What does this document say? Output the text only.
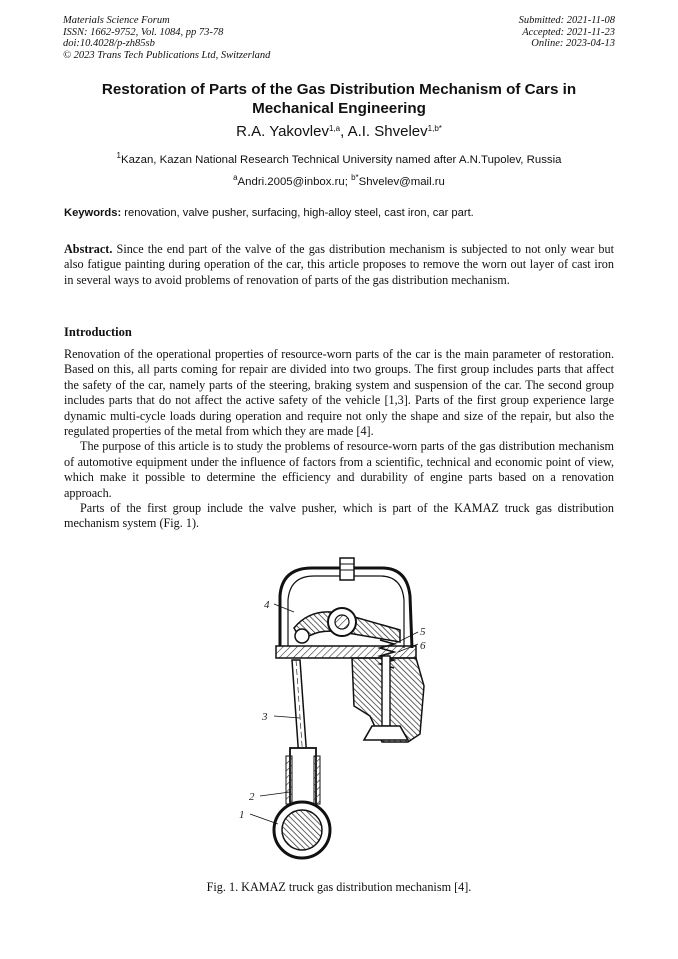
Materials Science Forum
ISSN: 1662-9752, Vol. 1084, pp 73-78
doi:10.4028/p-zh85sb
© 2023 Trans Tech Publications Ltd, Switzerland
Submitted: 2021-11-08
Accepted: 2021-11-23
Online: 2023-04-13
Restoration of Parts of the Gas Distribution Mechanism of Cars in Mechanical Engineering
R.A. Yakovlev$^{1,a}$, A.I. Shvelev$^{1,b*}$
$^1$Kazan, Kazan National Research Technical University named after A.N.Tupolev, Russia
$^a$Andri.2005@inbox.ru; $^{b*}$Shvelev@mail.ru
Keywords: renovation, valve pusher, surfacing, high-alloy steel, cast iron, car part.

Abstract. Since the end part of the valve of the gas distribution mechanism is subjected to not only wear but also fatigue painting during operation of the car, this article proposes to remove the worn out layer of cast iron in several ways to avoid problems of renovation of parts of the gas distribution mechanism.

Introduction

Renovation of the operational properties of resource-worn parts of the car is the main parameter of restoration. Based on this, all parts coming for repair are divided into two groups. The first group includes parts that affect the safety of the car, namely parts of the steering, braking system and suspension of the car. The second group includes parts that do not affect the active safety of the vehicle [1,3]. Parts of the first group experience large dynamic multi-cycle loads during operation and require not only the shape and size of the repair, but also the regulated properties of the metal from which they are made [4].

The purpose of this article is to study the problems of resource-worn parts of the gas distribution mechanism of automotive equipment under the influence of factors from a scientific, technical and economic point of view, which make it possible to determine the efficiency and durability of engine parts based on a renovation approach.

Parts of the first group include the valve pusher, which is part of the KAMAZ truck gas distribution mechanism system (Fig. 1).

4
5
6
3
2
1
Fig. 1. KAMAZ truck gas distribution mechanism [4].
